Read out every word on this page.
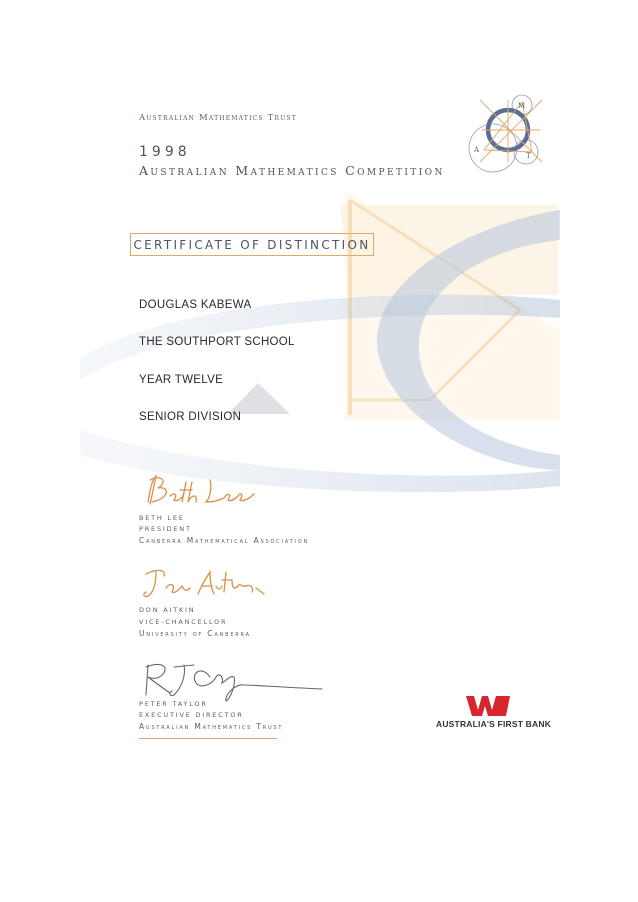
Australian Mathematics Trust
1998
Australian Mathematics Competition
M
A
T
CERTIFICATE OF DISTINCTION
DOUGLAS KABEWA
THE SOUTHPORT SCHOOL
YEAR TWELVE
SENIOR DIVISION
BETH LEE
PRESIDENT
Canberra Mathematical Association
DON AITKIN
VICE-CHANCELLOR
University of Canberra
PETER TAYLOR
EXECUTIVE DIRECTOR
Australian Mathematics Trust	AUSTRALIA'S FIRST BANK
